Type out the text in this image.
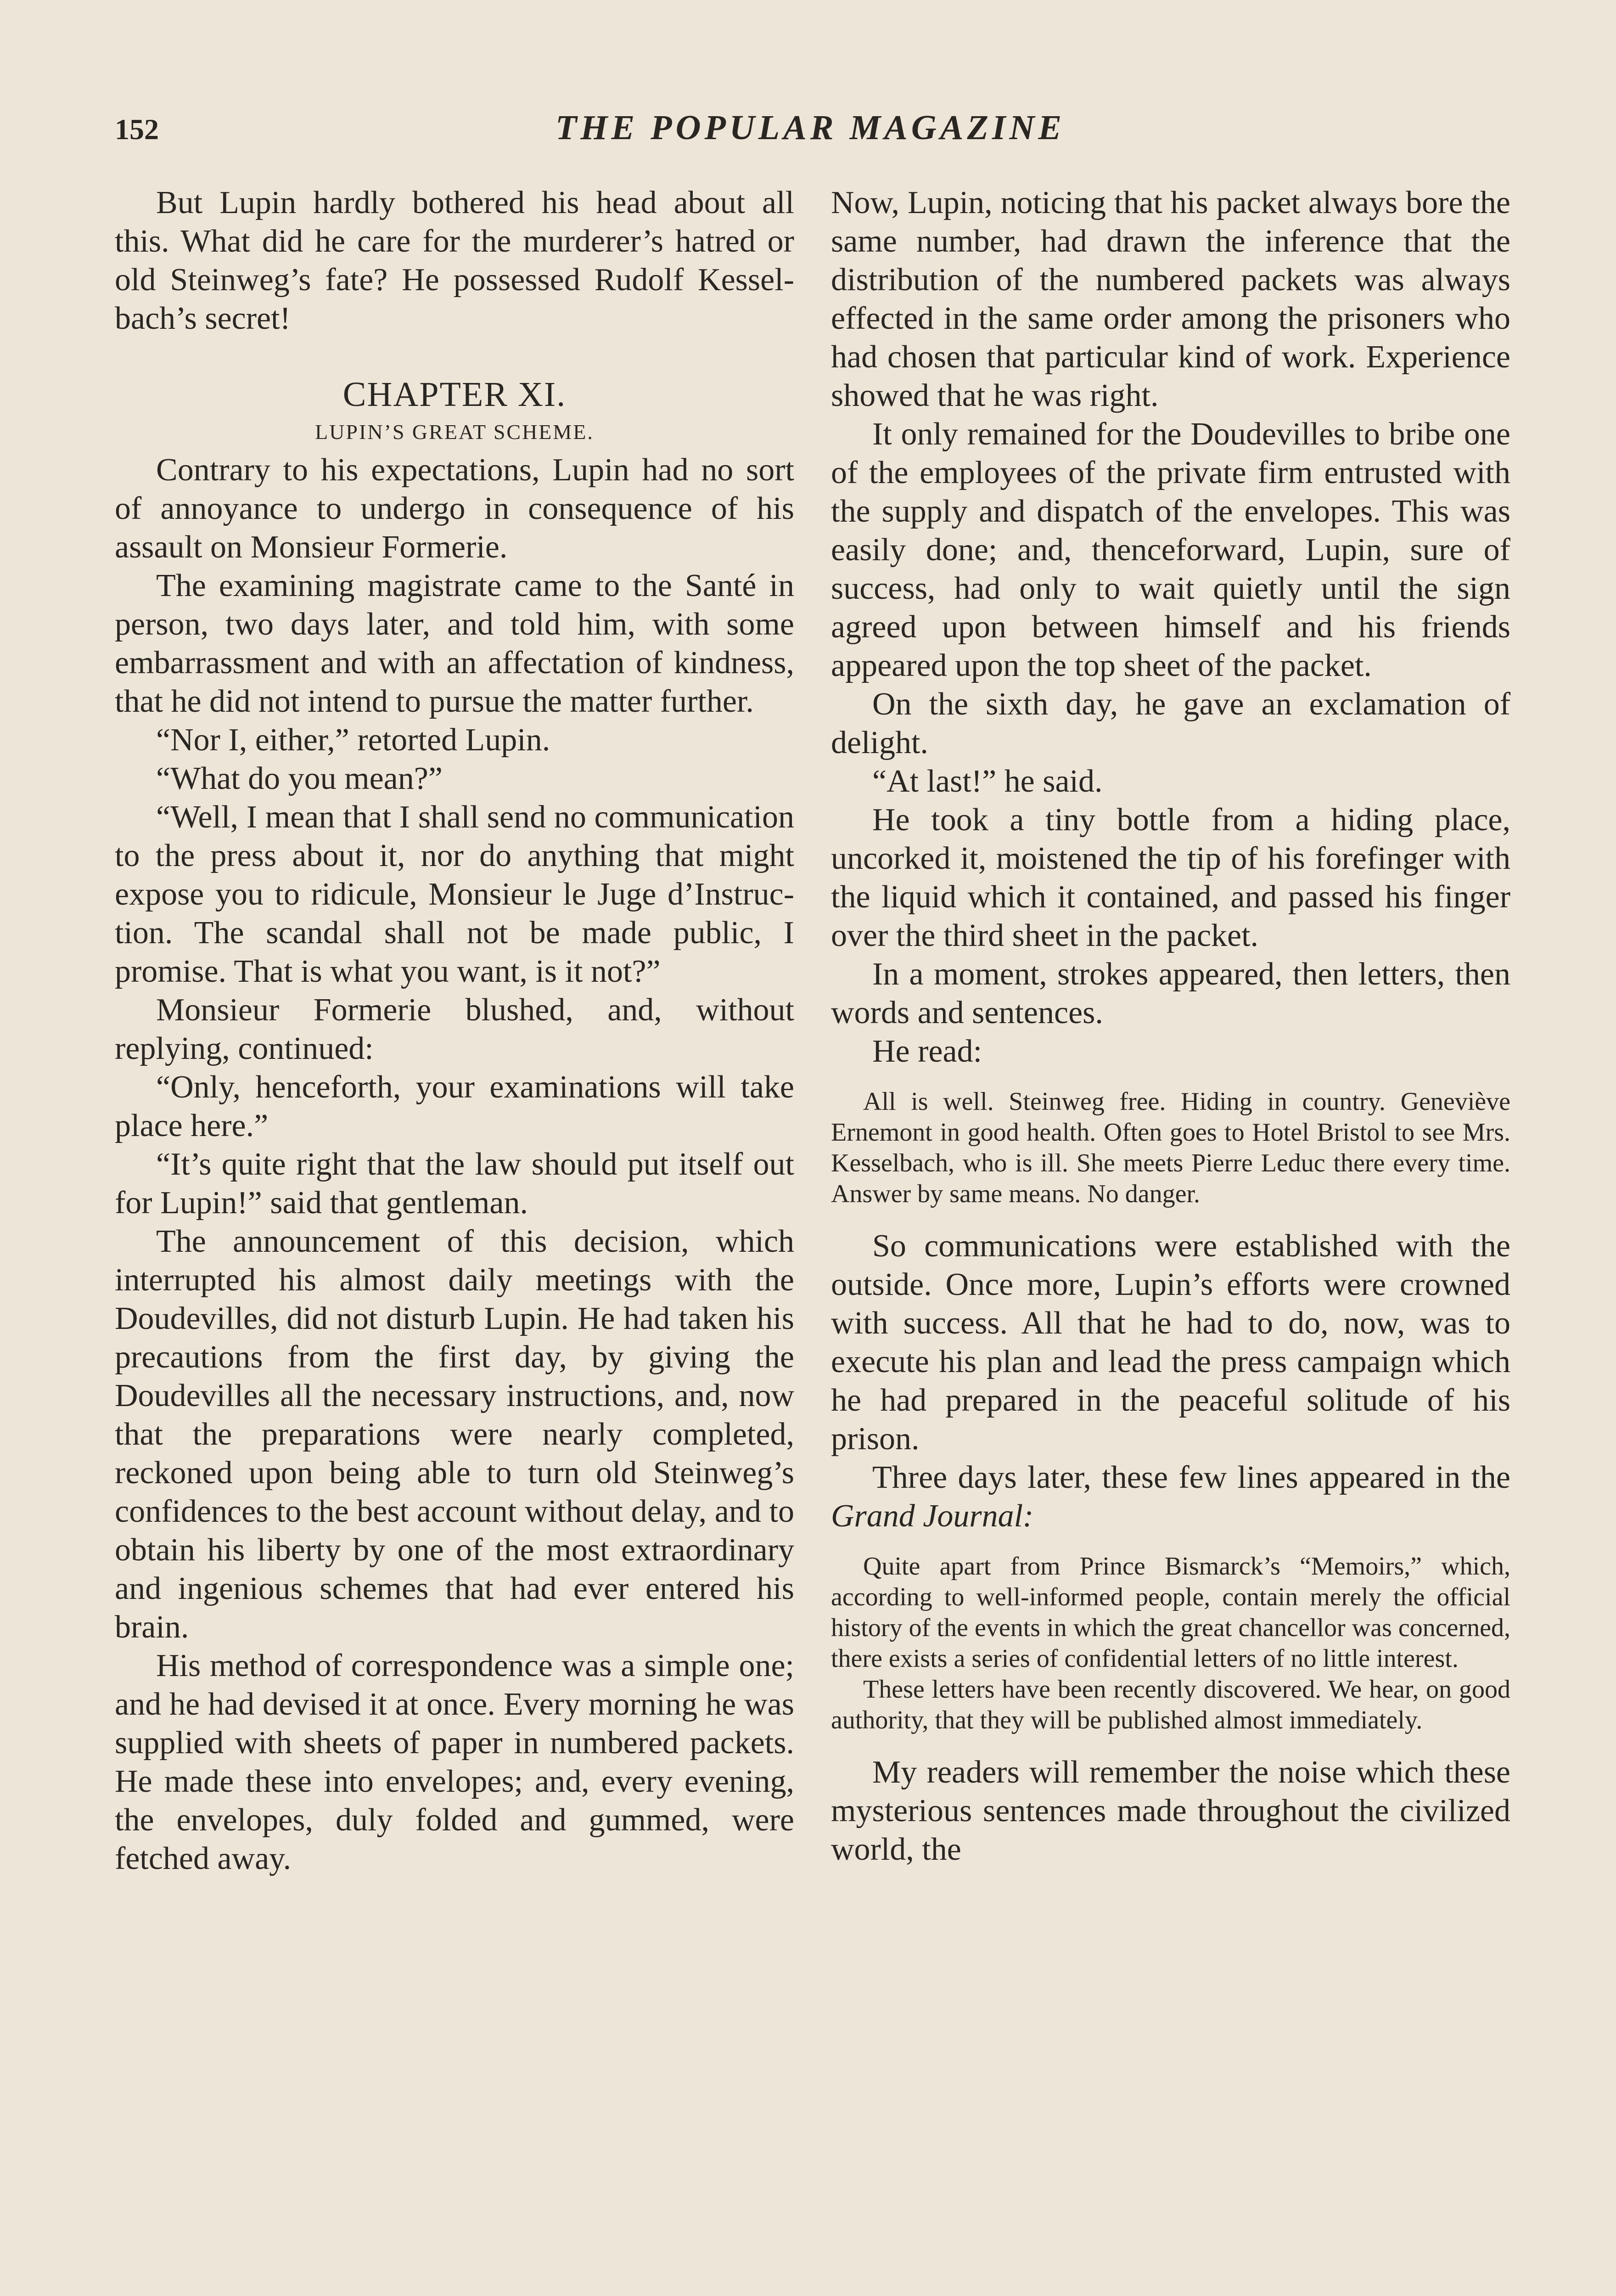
152	THE POPULAR MAGAZINE

But Lupin hardly bothered his head about all this. What did he care for the murderer’s hatred or old Steinweg’s fate? He possessed Rudolf Kesselbach’s secret!

CHAPTER XI.
LUPIN’S GREAT SCHEME.

Contrary to his expectations, Lupin had no sort of annoyance to undergo in consequence of his assault on Monsieur Formerie.

The examining magistrate came to the Santé in person, two days later, and told him, with some embarrassment and with an affectation of kindness, that he did not intend to pursue the matter further.

“Nor I, either,” retorted Lupin.

“What do you mean?”

“Well, I mean that I shall send no communication to the press about it, nor do anything that might expose you to ridicule, Monsieur le Juge d’Instruction. The scandal shall not be made public, I promise. That is what you want, is it not?”

Monsieur Formerie blushed, and, without replying, continued:

“Only, henceforth, your examinations will take place here.”

“It’s quite right that the law should put itself out for Lupin!” said that gentleman.

The announcement of this decision, which interrupted his almost daily meetings with the Doudevilles, did not disturb Lupin. He had taken his precautions from the first day, by giving the Doudevilles all the necessary instructions, and, now that the preparations were nearly completed, reckoned upon being able to turn old Steinweg’s confidences to the best account without delay, and to obtain his liberty by one of the most extraordinary and ingenious schemes that had ever entered his brain.

His method of correspondence was a simple one; and he had devised it at once. Every morning he was supplied with sheets of paper in numbered packets. He made these into envelopes; and, every evening, the envelopes, duly folded and gummed, were fetched away.

Now, Lupin, noticing that his packet always bore the same number, had drawn the inference that the distribution of the numbered packets was always effected in the same order among the prisoners who had chosen that particular kind of work. Experience showed that he was right.

It only remained for the Doudevilles to bribe one of the employees of the private firm entrusted with the supply and dispatch of the envelopes. This was easily done; and, thenceforward, Lupin, sure of success, had only to wait quietly until the sign agreed upon between himself and his friends appeared upon the top sheet of the packet.

On the sixth day, he gave an exclamation of delight.

“At last!” he said.

He took a tiny bottle from a hiding place, uncorked it, moistened the tip of his forefinger with the liquid which it contained, and passed his finger over the third sheet in the packet.

In a moment, strokes appeared, then letters, then words and sentences.

He read:

All is well. Steinweg free. Hiding in country. Geneviève Ernemont in good health. Often goes to Hotel Bristol to see Mrs. Kesselbach, who is ill. She meets Pierre Leduc there every time. Answer by same means. No danger.

So communications were established with the outside. Once more, Lupin’s efforts were crowned with success. All that he had to do, now, was to execute his plan and lead the press campaign which he had prepared in the peaceful solitude of his prison.

Three days later, these few lines appeared in the Grand Journal:

Quite apart from Prince Bismarck’s “Memoirs,” which, according to well-informed people, contain merely the official history of the events in which the great chancellor was concerned, there exists a series of confidential letters of no little interest.

These letters have been recently discovered. We hear, on good authority, that they will be published almost immediately.

My readers will remember the noise which these mysterious sentences made throughout the civilized world, the
